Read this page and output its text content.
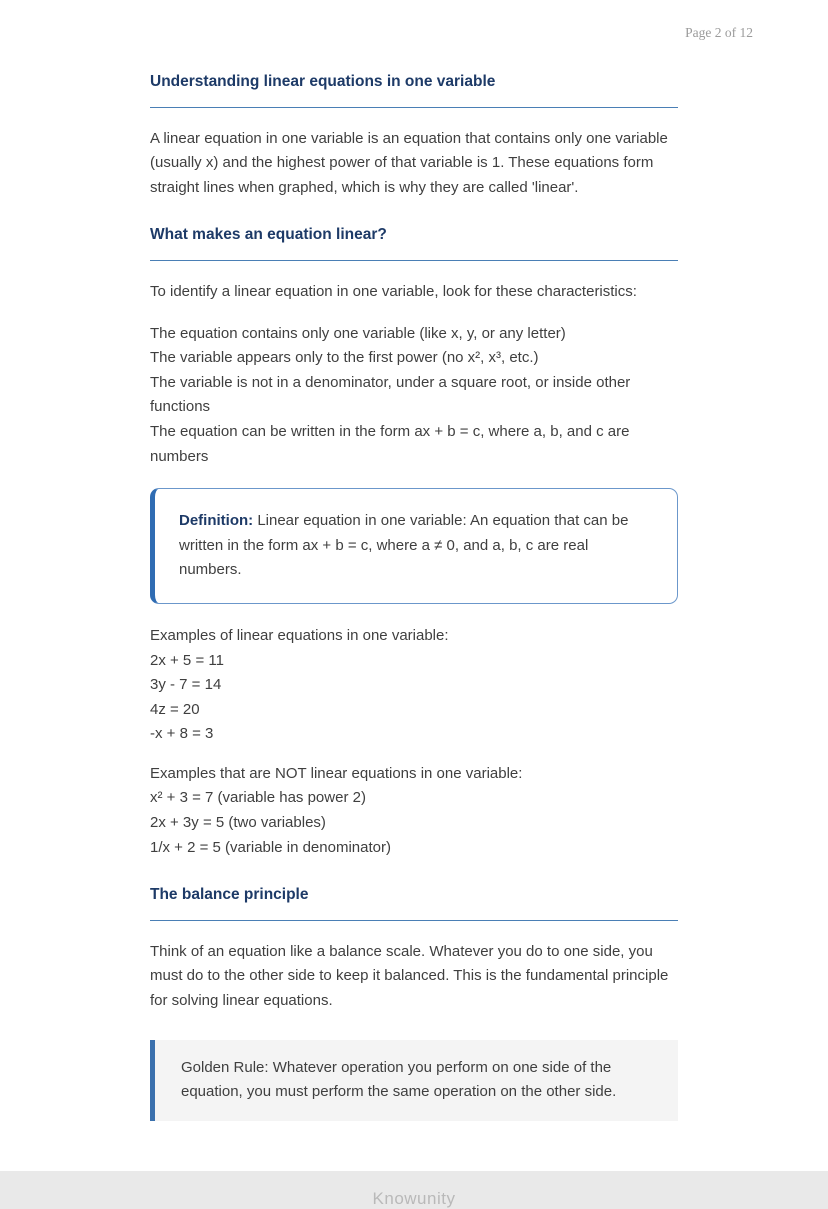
Page 2 of 12
Understanding linear equations in one variable

A linear equation in one variable is an equation that contains only one variable (usually x) and the highest power of that variable is 1. These equations form straight lines when graphed, which is why they are called 'linear'.

What makes an equation linear?

To identify a linear equation in one variable, look for these characteristics:

The equation contains only one variable (like x, y, or any letter)
The variable appears only to the first power (no x², x³, etc.)
The variable is not in a denominator, under a square root, or inside other functions
The equation can be written in the form ax + b = c, where a, b, and c are numbers
Definition: Linear equation in one variable: An equation that can be written in the form ax + b = c, where a ≠ 0, and a, b, c are real numbers.
Examples of linear equations in one variable:
2x + 5 = 11
3y - 7 = 14
4z = 20
-x + 8 = 3
Examples that are NOT linear equations in one variable:
x² + 3 = 7 (variable has power 2)
2x + 3y = 5 (two variables)
1/x + 2 = 5 (variable in denominator)
The balance principle

Think of an equation like a balance scale. Whatever you do to one side, you must do to the other side to keep it balanced. This is the fundamental principle for solving linear equations.

Golden Rule: Whatever operation you perform on one side of the equation, you must perform the same operation on the other side.
Knowunity
